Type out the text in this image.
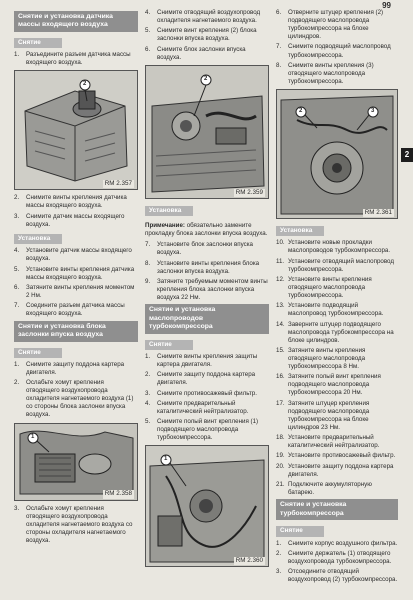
99
2
Снятие и установка датчика массы входящего воздуха
Снятие
1.	Разъедините разъем датчика массы входящего воздуха.
2
RM 2.357
2.	Снимите винты крепления датчика массы входящего воздуха.
3.	Снимите датчик массы входящего воздуха.
Установка
4.	Установите датчик массы входящего воздуха.
5.	Установите винты крепления датчика массы входящего воздуха.
6.	Затяните винты крепления моментом 2 Нм.
7.	Соедините разъем датчика массы входящего воздуха.
Снятие и установка блока заслонки впуска воздуха
Снятие
1.	Снимите защиту поддона картера двигателя.
2.	Ослабьте хомут крепления отводящего воздухопровода охладителя нагнетаемого воздуха (1) со стороны блока заслонки впуска воздуха.
1
RM 2.358
3.	Ослабьте хомут крепления отводящего воздухопровода охладителя нагнетаемого воздуха со стороны охладителя нагнетаемого воздуха.
4.	Снимите отводящий воздухопровод охладителя нагнетаемого воздуха.
5.	Снимите винт крепления (2) блока заслонки впуска воздуха.
6.	Снимите блок заслонки впуска воздуха.
2
RM 2.359
Установка
Примечание: обязательно замените прокладку блока заслонки впуска воздуха.
7.	Установите блок заслонки впуска воздуха.
8.	Установите винты крепления блока заслонки впуска воздуха.
9.	Затяните требуемым моментом винты крепления блока заслонки впуска воздуха 22 Нм.
Снятие и установка маслопроводов турбокомпрессора
Снятие
1.	Снимите винты крепления защиты картера двигателя.
2.	Снимите защиту поддона картера двигателя.
3.	Снимите противосажевый фильтр.
4.	Снимите предварительный каталитический нейтрализатор.
5.	Снимите полый винт крепления (1) подводящего маслопровода турбокомпрессора.
1
RM 2.360
6.	Отверните штуцер крепления (2) подводящего маслопровода турбокомпрессора на блоке цилиндров.
7.	Снимите подводящий маслопровод турбокомпрессора.
8.	Снимите винты крепления (3) отводящего маслопровода турбокомпрессора.
2	3
RM 2.361
Установка
10. Установите новые прокладки маслопроводов турбокомпрессора.
11. Установите отводящий маслопровод турбокомпрессора.
12. Установите винты крепления отводящего маслопровода турбокомпрессора.
13. Установите подводящий маслопровод турбокомпрессора.
14. Заверните штуцер подводящего маслопровода турбокомпрессора на блоке цилиндров.
15. Затяните винты крепления отводящего маслопровода турбокомпрессора 8 Нм.
16. Затяните полый винт крепления подводящего маслопровода турбокомпрессора 20 Нм.
17. Затяните штуцер крепления подводящего маслопровода турбокомпрессора на блоке цилиндров 23 Нм.
18. Установите предварительный каталитический нейтрализатор.
19. Установите противосажевый фильтр.
20. Установите защиту поддона картера двигателя.
21. Подключите аккумуляторную батарею.
Снятие и установка турбокомпрессора
Снятие
1.	Снимите корпус воздушного фильтра.
2.	Снимите держатель (1) отводящего воздухопровода турбокомпрессора.
3.	Отсоедините отводящий воздухопровод (2) турбокомпрессора.
